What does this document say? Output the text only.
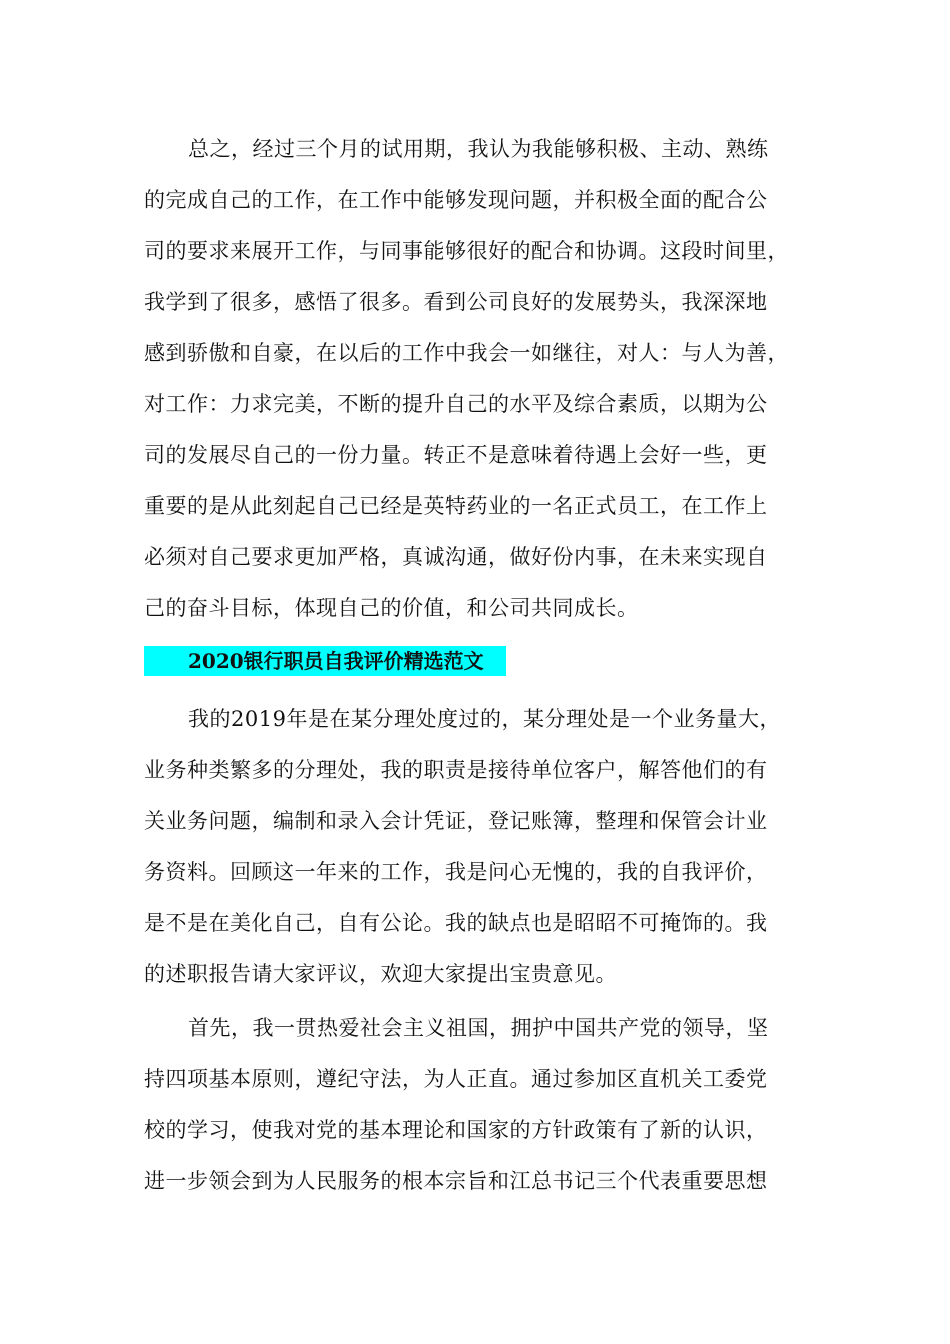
总之，经过三个月的试用期，我认为我能够积极、主动、熟练
的完成自己的工作，在工作中能够发现问题，并积极全面的配合公
司的要求来展开工作，与同事能够很好的配合和协调。这段时间里，
我学到了很多，感悟了很多。看到公司良好的发展势头，我深深地
感到骄傲和自豪，在以后的工作中我会一如继往，对人：与人为善，
对工作：力求完美，不断的提升自己的水平及综合素质，以期为公
司的发展尽自己的一份力量。转正不是意味着待遇上会好一些，更
重要的是从此刻起自己已经是英特药业的一名正式员工，在工作上
必须对自己要求更加严格，真诚沟通，做好份内事，在未来实现自
己的奋斗目标，体现自己的价值，和公司共同成长。
2020银行职员自我评价精选范文
我的2019年是在某分理处度过的，某分理处是一个业务量大，
业务种类繁多的分理处，我的职责是接待单位客户，解答他们的有
关业务问题，编制和录入会计凭证，登记账簿，整理和保管会计业
务资料。回顾这一年来的工作，我是问心无愧的，我的自我评价，
是不是在美化自己，自有公论。我的缺点也是昭昭不可掩饰的。我
的述职报告请大家评议，欢迎大家提出宝贵意见。
首先，我一贯热爱社会主义祖国，拥护中国共产党的领导，坚
持四项基本原则，遵纪守法，为人正直。通过参加区直机关工委党
校的学习，使我对党的基本理论和国家的方针政策有了新的认识，
进一步领会到为人民服务的根本宗旨和江总书记三个代表重要思想
